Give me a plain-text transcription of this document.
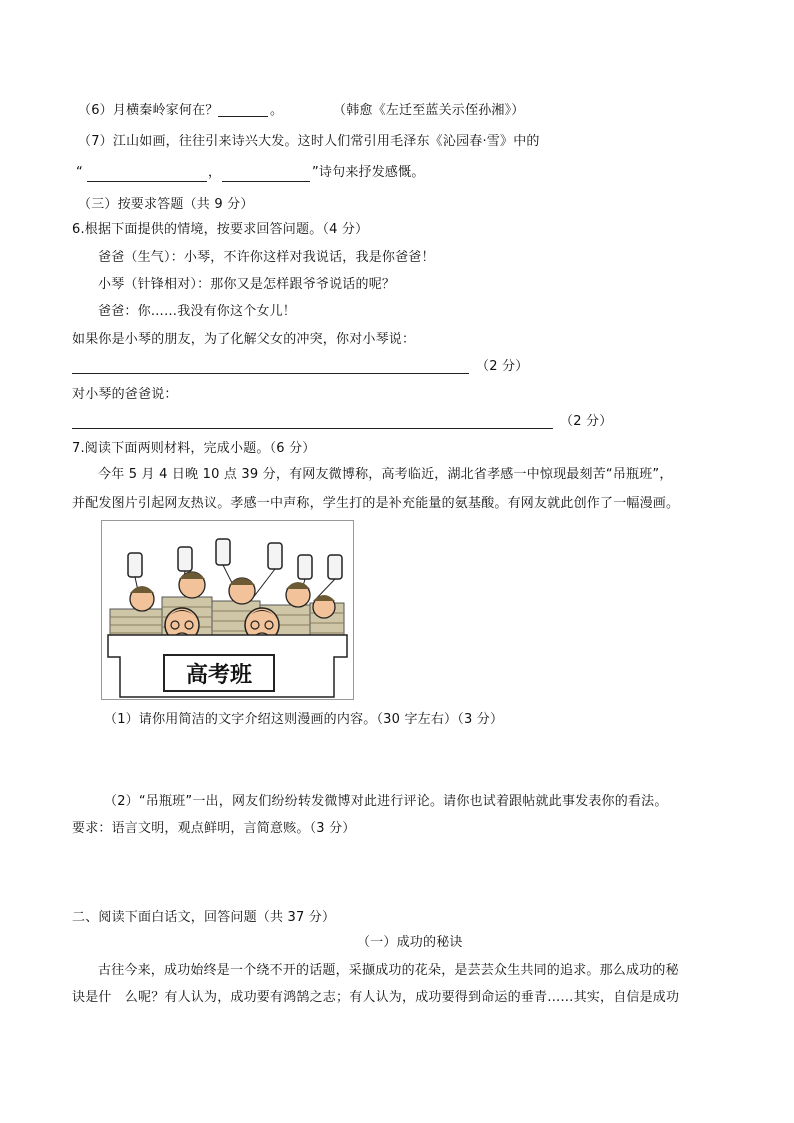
（6）月横秦岭家何在？	。	（韩愈《左迁至蓝关示侄孙湘》）
（7）江山如画，往往引来诗兴大发。这时人们常引用毛泽东《沁园春·雪》中的
“	，	”诗句来抒发感慨。
（三）按要求答题（共 9 分）
6.根据下面提供的情境，按要求回答问题。（4 分）
爸爸（生气）：小琴，不许你这样对我说话，我是你爸爸！
小琴（针锋相对）：那你又是怎样跟爷爷说话的呢？
爸爸：你……我没有你这个女儿！
如果你是小琴的朋友，为了化解父女的冲突，你对小琴说：
（2 分）
对小琴的爸爸说：
（2 分）
7.阅读下面两则材料，完成小题。（6 分）
今年 5 月 4 日晚 10 点 39 分，有网友微博称，高考临近，湖北省孝感一中惊现最刻苦“吊瓶班”，
并配发图片引起网友热议。孝感一中声称，学生打的是补充能量的氨基酸。有网友就此创作了一幅漫画。
高考班
（1）请你用简洁的文字介绍这则漫画的内容。（30 字左右）（3 分）
（2）“吊瓶班”一出，网友们纷纷转发微博对此进行评论。请你也试着跟帖就此事发表你的看法。
要求：语言文明，观点鲜明，言简意赅。（3 分）
二、阅读下面白话文，回答问题（共 37 分）
（一）成功的秘诀
古往今来，成功始终是一个绕不开的话题，采撷成功的花朵，是芸芸众生共同的追求。那么成功的秘
诀是什　么呢？有人认为，成功要有鸿鹄之志；有人认为，成功要得到命运的垂青……其实，自信是成功
